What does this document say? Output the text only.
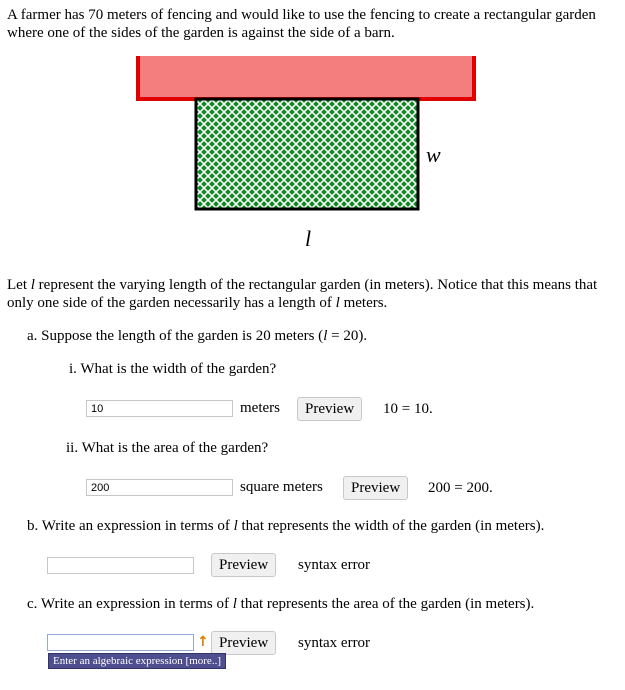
A farmer has 70 meters of fencing and would like to use the fencing to create a rectangular garden where one of the sides of the garden is against the side of a barn.
w
l
Let l represent the varying length of the rectangular garden (in meters). Notice that this means that only one side of the garden necessarily has a length of l meters.
a. Suppose the length of the garden is 20 meters (l = 20).
i. What is the width of the garden?
10
meters	Preview	10 = 10.
ii. What is the area of the garden?
200
square meters	Preview	200 = 200.
b. Write an expression in terms of l that represents the width of the garden (in meters).
Preview	syntax error
c. Write an expression in terms of l that represents the area of the garden (in meters).
↑ Preview	syntax error
Enter an algebraic expression [more..]
